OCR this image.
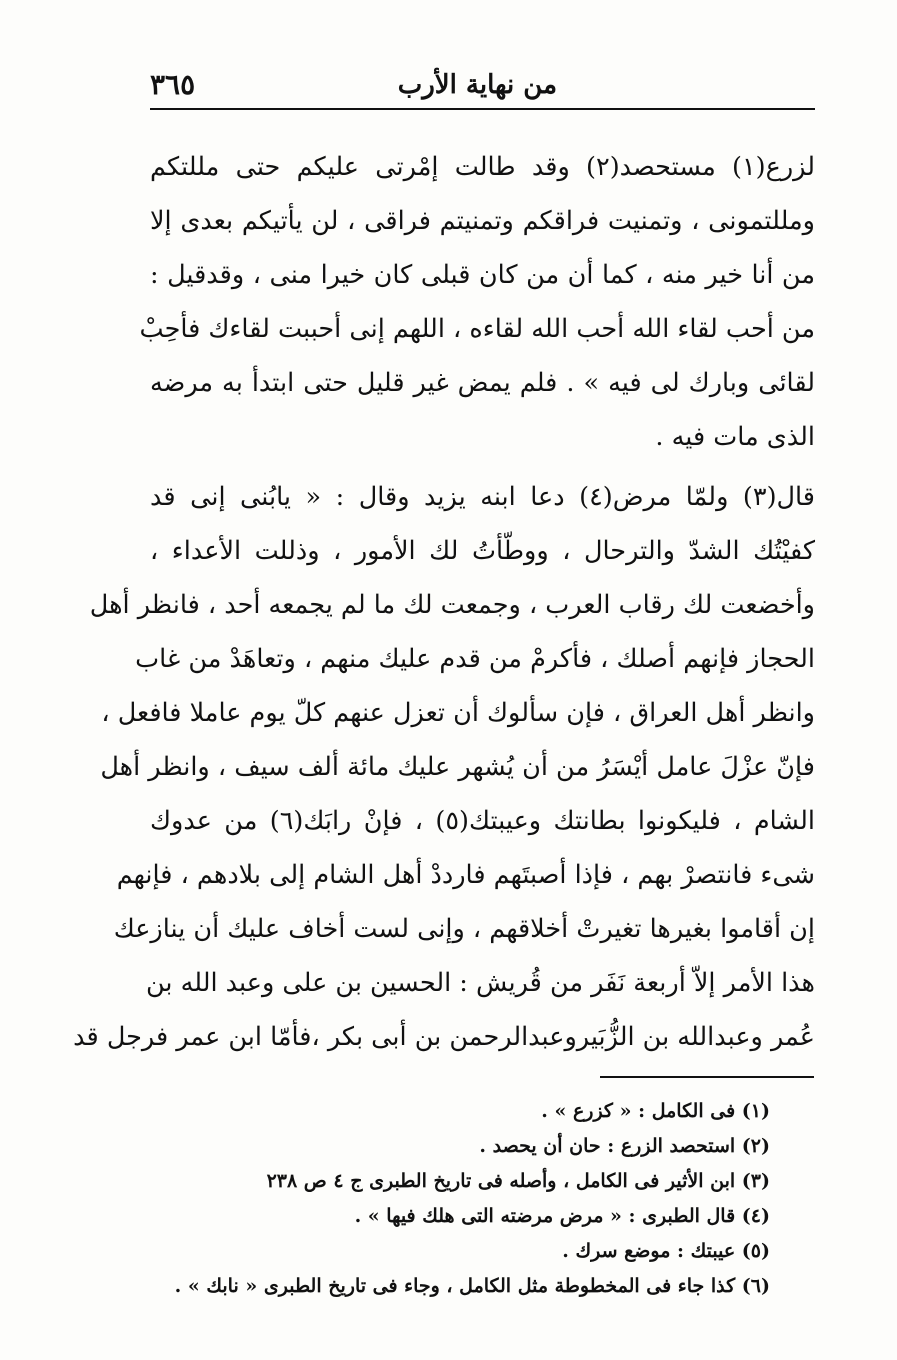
من نهاية الأرب
٣٦٥
لزرع(١) مستحصد(٢) وقد طالت إمْرتى عليكم حتى مللتكم
ومللتمونى ، وتمنيت فراقكم وتمنيتم فراقى ، لن يأتيكم بعدى إلا
من أنا خير منه ، كما أن من كان قبلى كان خيرا منى ، وقدقيل :
من أحب لقاء الله أحب الله لقاءه ، اللهم إنى أحببت لقاءك فأحِبْ
لقائى وبارك لى فيه » . فلم يمض غير قليل حتى ابتدأ به مرضه
الذى مات فيه .
قال(٣) ولمّا مرض(٤) دعا ابنه يزيد وقال : « يابُنى إنى قد
كفيْتُك الشدّ والترحال ، ووطّأتُ لك الأمور ، وذللت الأعداء ،
وأخضعت لك رقاب العرب ، وجمعت لك ما لم يجمعه أحد ، فانظر أهل
الحجاز فإنهم أصلك ، فأكرمْ من قدم عليك منهم ، وتعاهَدْ من غاب
وانظر أهل العراق ، فإن سألوك أن تعزل عنهم كلّ يوم عاملا فافعل ،
فإنّ عزْلَ عامل أيْسَرُ من أن يُشهر عليك مائة ألف سيف ، وانظر أهل
الشام ، فليكونوا بطانتك وعيبتك(٥) ، فإنْ رابَك(٦) من عدوك
شىء فانتصرْ بهم ، فإذا أصبتَهم فارددْ أهل الشام إلى بلادهم ، فإنهم
إن أقاموا بغيرها تغيرتْ أخلاقهم ، وإنى لست أخاف عليك أن ينازعك
هذا الأمر إلاّ أربعة نَفَر من قُريش : الحسين بن على وعبد الله بن
عُمر وعبدالله بن الزُّبَيروعبدالرحمن بن أبى بكر ،فأمّا ابن عمر فرجل قد
(١) فى الكامل : « كزرع » .
(٢) استحصد الزرع : حان أن يحصد .
(٣) ابن الأثير فى الكامل ، وأصله فى تاريخ الطبرى ج ٤ ص ٢٣٨
(٤) قال الطبرى : « مرض مرضته التى هلك فيها » .
(٥) عيبتك : موضع سرك .
(٦) كذا جاء فى المخطوطة مثل الكامل ، وجاء فى تاريخ الطبرى « نابك » .
